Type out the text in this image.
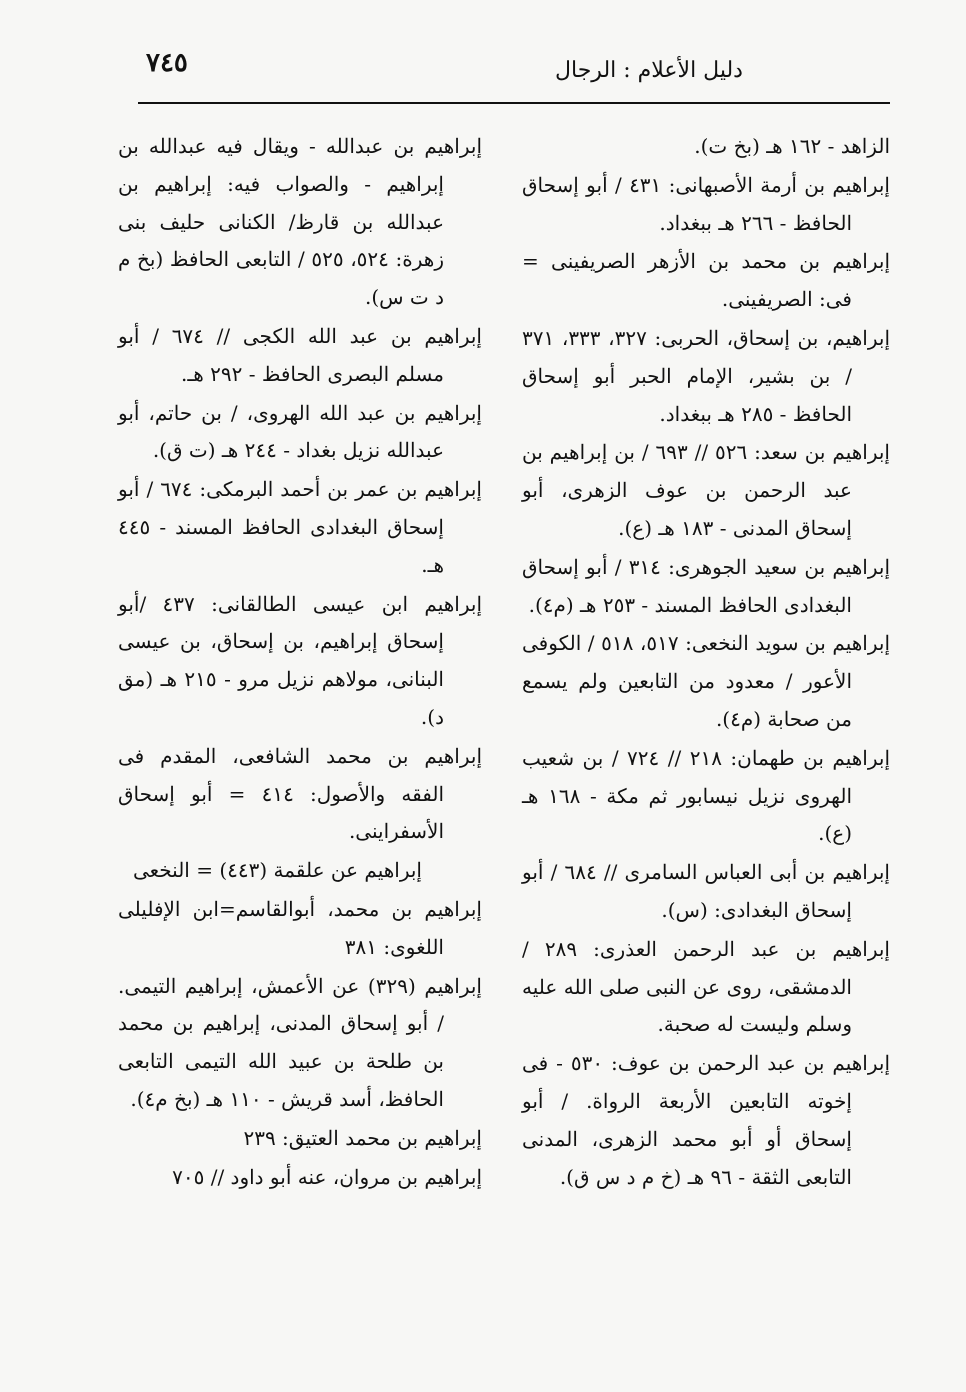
٧٤٥	دليل الأعلام : الرجال

الزاهد - ١٦٢ هـ (بخ ت).

إبراهيم بن أرمة الأصبهانى: ٤٣١ / أبو إسحاق الحافظ - ٢٦٦ هـ ببغداد.

إبراهيم بن محمد بن الأزهر الصريفينى = فى: الصريفينى.

إبراهيم، بن إسحاق، الحربى: ٣٢٧، ٣٣٣، ٣٧١ / بن بشير، الإمام الحبر أبو إسحاق الحافظ - ٢٨٥ هـ ببغداد.

إبراهيم بن سعد: ٥٢٦ // ٦٩٣ / بن إبراهيم بن عبد الرحمن بن عوف الزهرى، أبو إسحاق المدنى - ١٨٣ هـ (ع).

إبراهيم بن سعيد الجوهرى: ٣١٤ / أبو إسحاق البغدادى الحافظ المسند - ٢٥٣ هـ (م٤).

إبراهيم بن سويد النخعى: ٥١٧، ٥١٨ / الكوفى الأعور / معدود من التابعين ولم يسمع من صحابة (م٤).

إبراهيم بن طهمان: ٢١٨ // ٧٢٤ / بن شعيب الهروى نزيل نيسابور ثم مكة - ١٦٨ هـ (ع).

إبراهيم بن أبى العباس السامرى // ٦٨٤ / أبو إسحاق البغدادى: (س).

إبراهيم بن عبد الرحمن العذرى: ٢٨٩ / الدمشقى، روى عن النبى صلى الله عليه وسلم وليست له صحبة.

إبراهيم بن عبد الرحمن بن عوف: ٥٣٠ - فى إخوته التابعين الأربعة الرواة. / أبو إسحاق أو أبو محمد الزهرى، المدنى التابعى الثقة - ٩٦ هـ (خ م د س ق).

إبراهيم بن عبدالله - ويقال فيه عبدالله بن إبراهيم - والصواب فيه: إبراهيم بن عبدالله بن قارظ/ الكنانى حليف بنى زهرة: ٥٢٤، ٥٢٥ / التابعى الحافظ (بخ م د ت س).

إبراهيم بن عبد الله الكجى // ٦٧٤ / أبو مسلم البصرى الحافظ - ٢٩٢ هـ.

إبراهيم بن عبد الله الهروى، / بن حاتم، أبو عبدالله نزيل بغداد - ٢٤٤ هـ (ت ق).

إبراهيم بن عمر بن أحمد البرمكى: ٦٧٤ / أبو إسحاق البغدادى الحافظ المسند - ٤٤٥ هـ.

إبراهيم ابن عيسى الطالقانى: ٤٣٧ /أبو إسحاق إبراهيم، بن إسحاق، بن عيسى البنانى، مولاهم نزيل مرو - ٢١٥ هـ (مق د).

إبراهيم بن محمد الشافعى، المقدم فى الفقه والأصول: ٤١٤ = أبو إسحاق الأسفراينى.

إبراهيم عن علقمة (٤٤٣) = النخعى

إبراهيم بن محمد، أبوالقاسم=ابن الإفليلى اللغوى: ٣٨١

إبراهيم (٣٢٩) عن الأعمش، إبراهيم التيمى. / أبو إسحاق المدنى، إبراهيم بن محمد بن طلحة بن عبيد الله التيمى التابعى الحافظ، أسد قريش - ١١٠ هـ (بخ م٤).

إبراهيم بن محمد العتيق: ٢٣٩

إبراهيم بن مروان، عنه أبو داود // ٧٠٥
